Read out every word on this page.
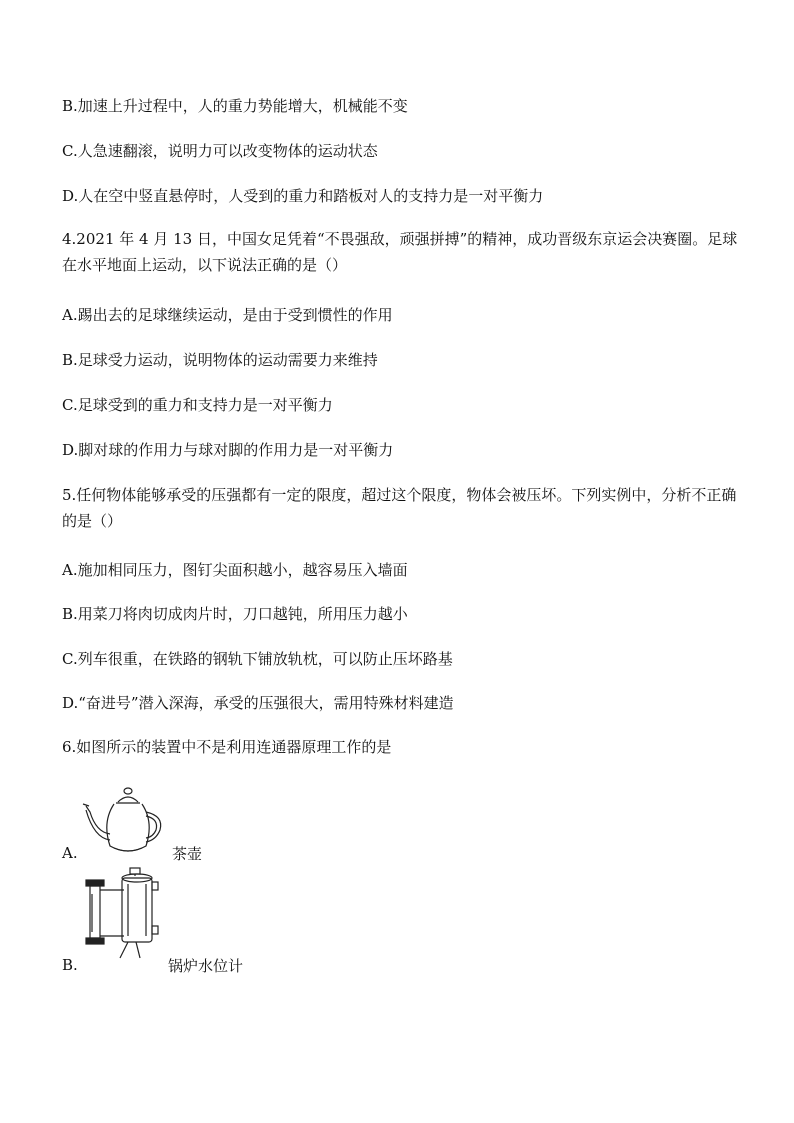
B.加速上升过程中，人的重力势能增大，机械能不变
C.人急速翻滚，说明力可以改变物体的运动状态
D.人在空中竖直悬停时，人受到的重力和踏板对人的支持力是一对平衡力
4.2021 年 4 月 13 日，中国女足凭着“不畏强敌，顽强拼搏”的精神，成功晋级东京运会决赛圈。足球在水平地面上运动，以下说法正确的是（）
A.踢出去的足球继续运动，是由于受到惯性的作用
B.足球受力运动，说明物体的运动需要力来维持
C.足球受到的重力和支持力是一对平衡力
D.脚对球的作用力与球对脚的作用力是一对平衡力
5.任何物体能够承受的压强都有一定的限度，超过这个限度，物体会被压坏。下列实例中，分析不正确的是（）
A.施加相同压力，图钉尖面积越小，越容易压入墙面
B.用菜刀将肉切成肉片时，刀口越钝，所用压力越小
C.列车很重，在铁路的钢轨下铺放轨枕，可以防止压坏路基
D.“奋进号”潜入深海，承受的压强很大，需用特殊材料建造
6.如图所示的装置中不是利用连通器原理工作的是
A.	茶壶
B.	锅炉水位计
